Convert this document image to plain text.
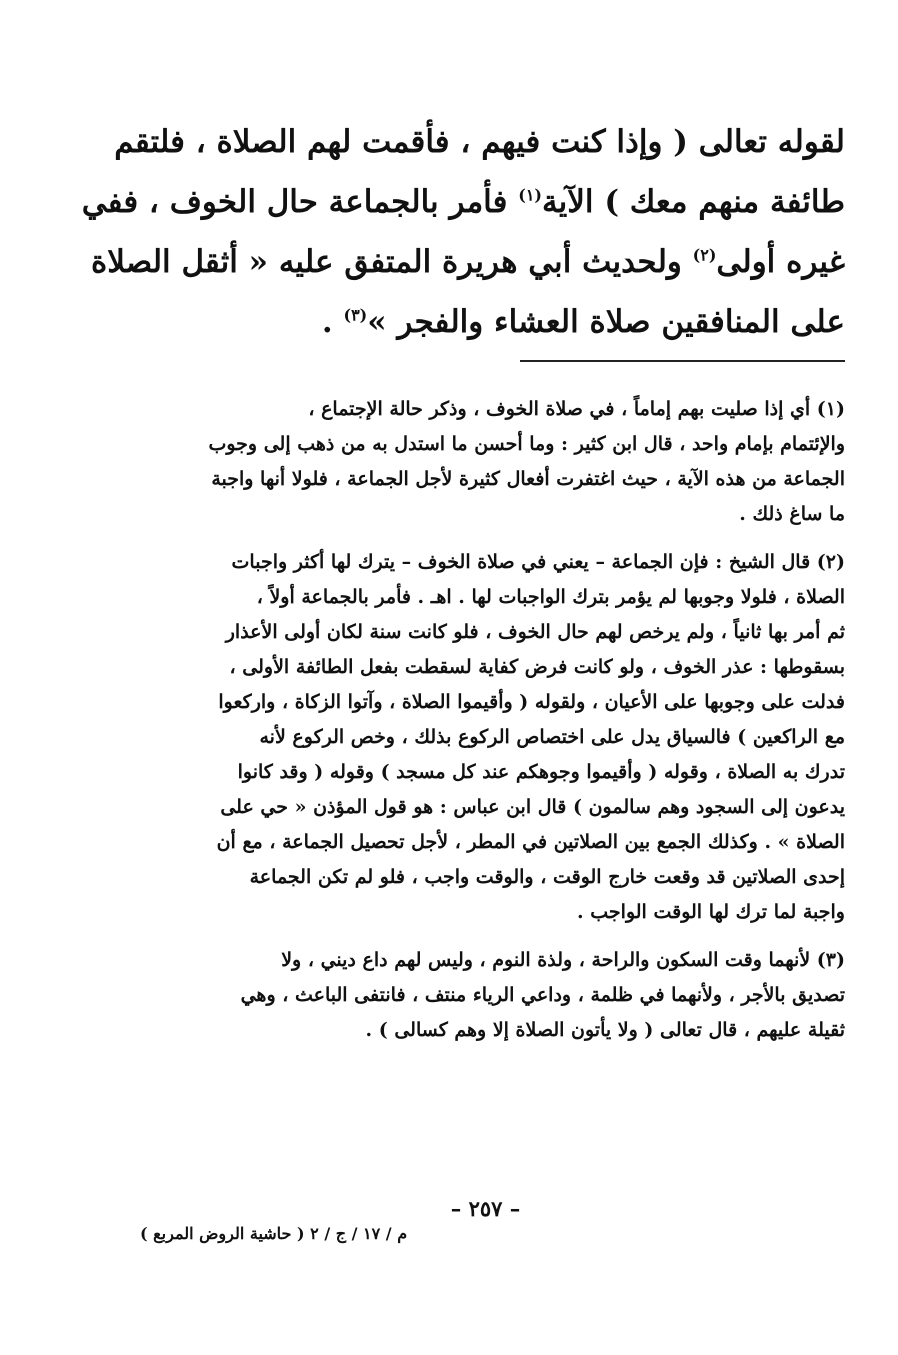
لقوله تعالى ( وإذا كنت فيهم ، فأقمت لهم الصلاة ، فلتقم
طائفة منهم معك ) الآية$^{(١)}$ فأمر بالجماعة حال الخوف ، ففي
غيره أولى$^{(٢)}$ ولحديث أبي هريرة المتفق عليه « أثقل الصلاة
على المنافقين صلاة العشاء والفجر »$^{(٣)}$ .
(١) أي إذا صليت بهم إماماً ، في صلاة الخوف ، وذكر حالة الإجتماع ،
والإئتمام بإمام واحد ، قال ابن كثير : وما أحسن ما استدل به من ذهب إلى وجوب
الجماعة من هذه الآية ، حيث اغتفرت أفعال كثيرة لأجل الجماعة ، فلولا أنها واجبة
ما ساغ ذلك .
(٢) قال الشيخ : فإن الجماعة – يعني في صلاة الخوف – يترك لها أكثر واجبات
الصلاة ، فلولا وجوبها لم يؤمر بترك الواجبات لها . اهـ . فأمر بالجماعة أولاً ،
ثم أمر بها ثانياً ، ولم يرخص لهم حال الخوف ، فلو كانت سنة لكان أولى الأعذار
بسقوطها : عذر الخوف ، ولو كانت فرض كفاية لسقطت بفعل الطائفة الأولى ،
فدلت على وجوبها على الأعيان ، ولقوله ( وأقيموا الصلاة ، وآتوا الزكاة ، واركعوا
مع الراكعين ) فالسياق يدل على اختصاص الركوع بذلك ، وخص الركوع لأنه
تدرك به الصلاة ، وقوله ( وأقيموا وجوهكم عند كل مسجد ) وقوله ( وقد كانوا
يدعون إلى السجود وهم سالمون ) قال ابن عباس : هو قول المؤذن « حي على
الصلاة » . وكذلك الجمع بين الصلاتين في المطر ، لأجل تحصيل الجماعة ، مع أن
إحدى الصلاتين قد وقعت خارج الوقت ، والوقت واجب ، فلو لم تكن الجماعة
واجبة لما ترك لها الوقت الواجب .
(٣) لأنهما وقت السكون والراحة ، ولذة النوم ، وليس لهم داع ديني ، ولا
تصديق بالأجر ، ولأنهما في ظلمة ، وداعي الرياء منتف ، فانتفى الباعث ، وهي
ثقيلة عليهم ، قال تعالى ( ولا يأتون الصلاة إلا وهم كسالى ) .
– ٢٥٧ –
م / ١٧ / ج / ٢ ( حاشية الروض المربع )
